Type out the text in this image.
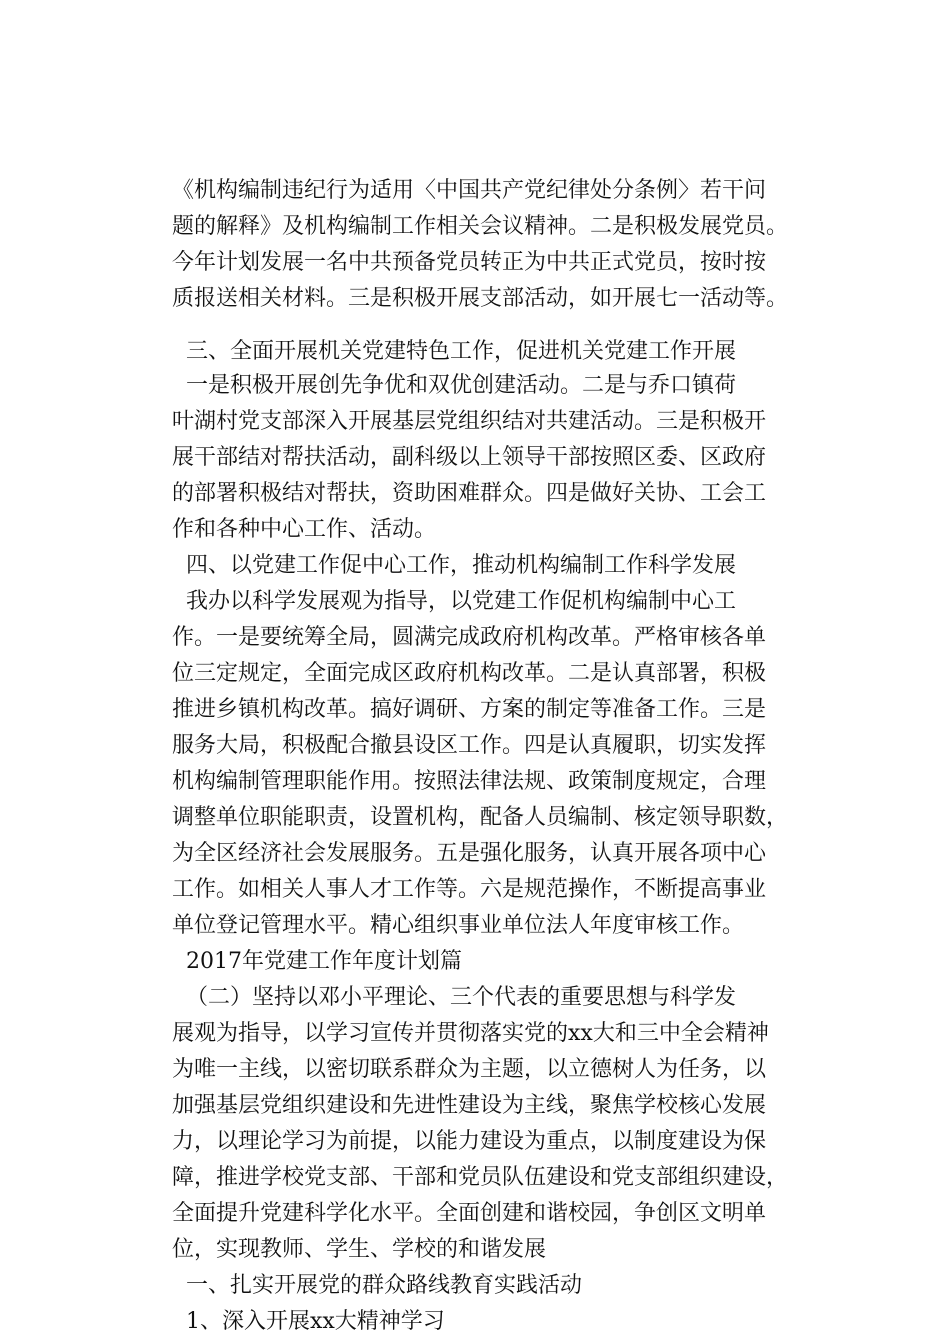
《机构编制违纪行为适用〈中国共产党纪律处分条例〉若干问
题的解释》及机构编制工作相关会议精神。二是积极发展党员。
今年计划发展一名中共预备党员转正为中共正式党员，按时按
质报送相关材料。三是积极开展支部活动，如开展七一活动等。
三、全面开展机关党建特色工作，促进机关党建工作开展
一是积极开展创先争优和双优创建活动。二是与乔口镇荷
叶湖村党支部深入开展基层党组织结对共建活动。三是积极开
展干部结对帮扶活动，副科级以上领导干部按照区委、区政府
的部署积极结对帮扶，资助困难群众。四是做好关协、工会工
作和各种中心工作、活动。
四、以党建工作促中心工作，推动机构编制工作科学发展
我办以科学发展观为指导，以党建工作促机构编制中心工
作。一是要统筹全局，圆满完成政府机构改革。严格审核各单
位三定规定，全面完成区政府机构改革。二是认真部署，积极
推进乡镇机构改革。搞好调研、方案的制定等准备工作。三是
服务大局，积极配合撤县设区工作。四是认真履职，切实发挥
机构编制管理职能作用。按照法律法规、政策制度规定，合理
调整单位职能职责，设置机构，配备人员编制、核定领导职数，
为全区经济社会发展服务。五是强化服务，认真开展各项中心
工作。如相关人事人才工作等。六是规范操作，不断提高事业
单位登记管理水平。精心组织事业单位法人年度审核工作。
2017年党建工作年度计划篇
（二）坚持以邓小平理论、三个代表的重要思想与科学发
展观为指导，以学习宣传并贯彻落实党的xx大和三中全会精神
为唯一主线，以密切联系群众为主题，以立德树人为任务，以
加强基层党组织建设和先进性建设为主线，聚焦学校核心发展
力，以理论学习为前提，以能力建设为重点，以制度建设为保
障，推进学校党支部、干部和党员队伍建设和党支部组织建设，
全面提升党建科学化水平。全面创建和谐校园，争创区文明单
位，实现教师、学生、学校的和谐发展
一、扎实开展党的群众路线教育实践活动
1、深入开展xx大精神学习
